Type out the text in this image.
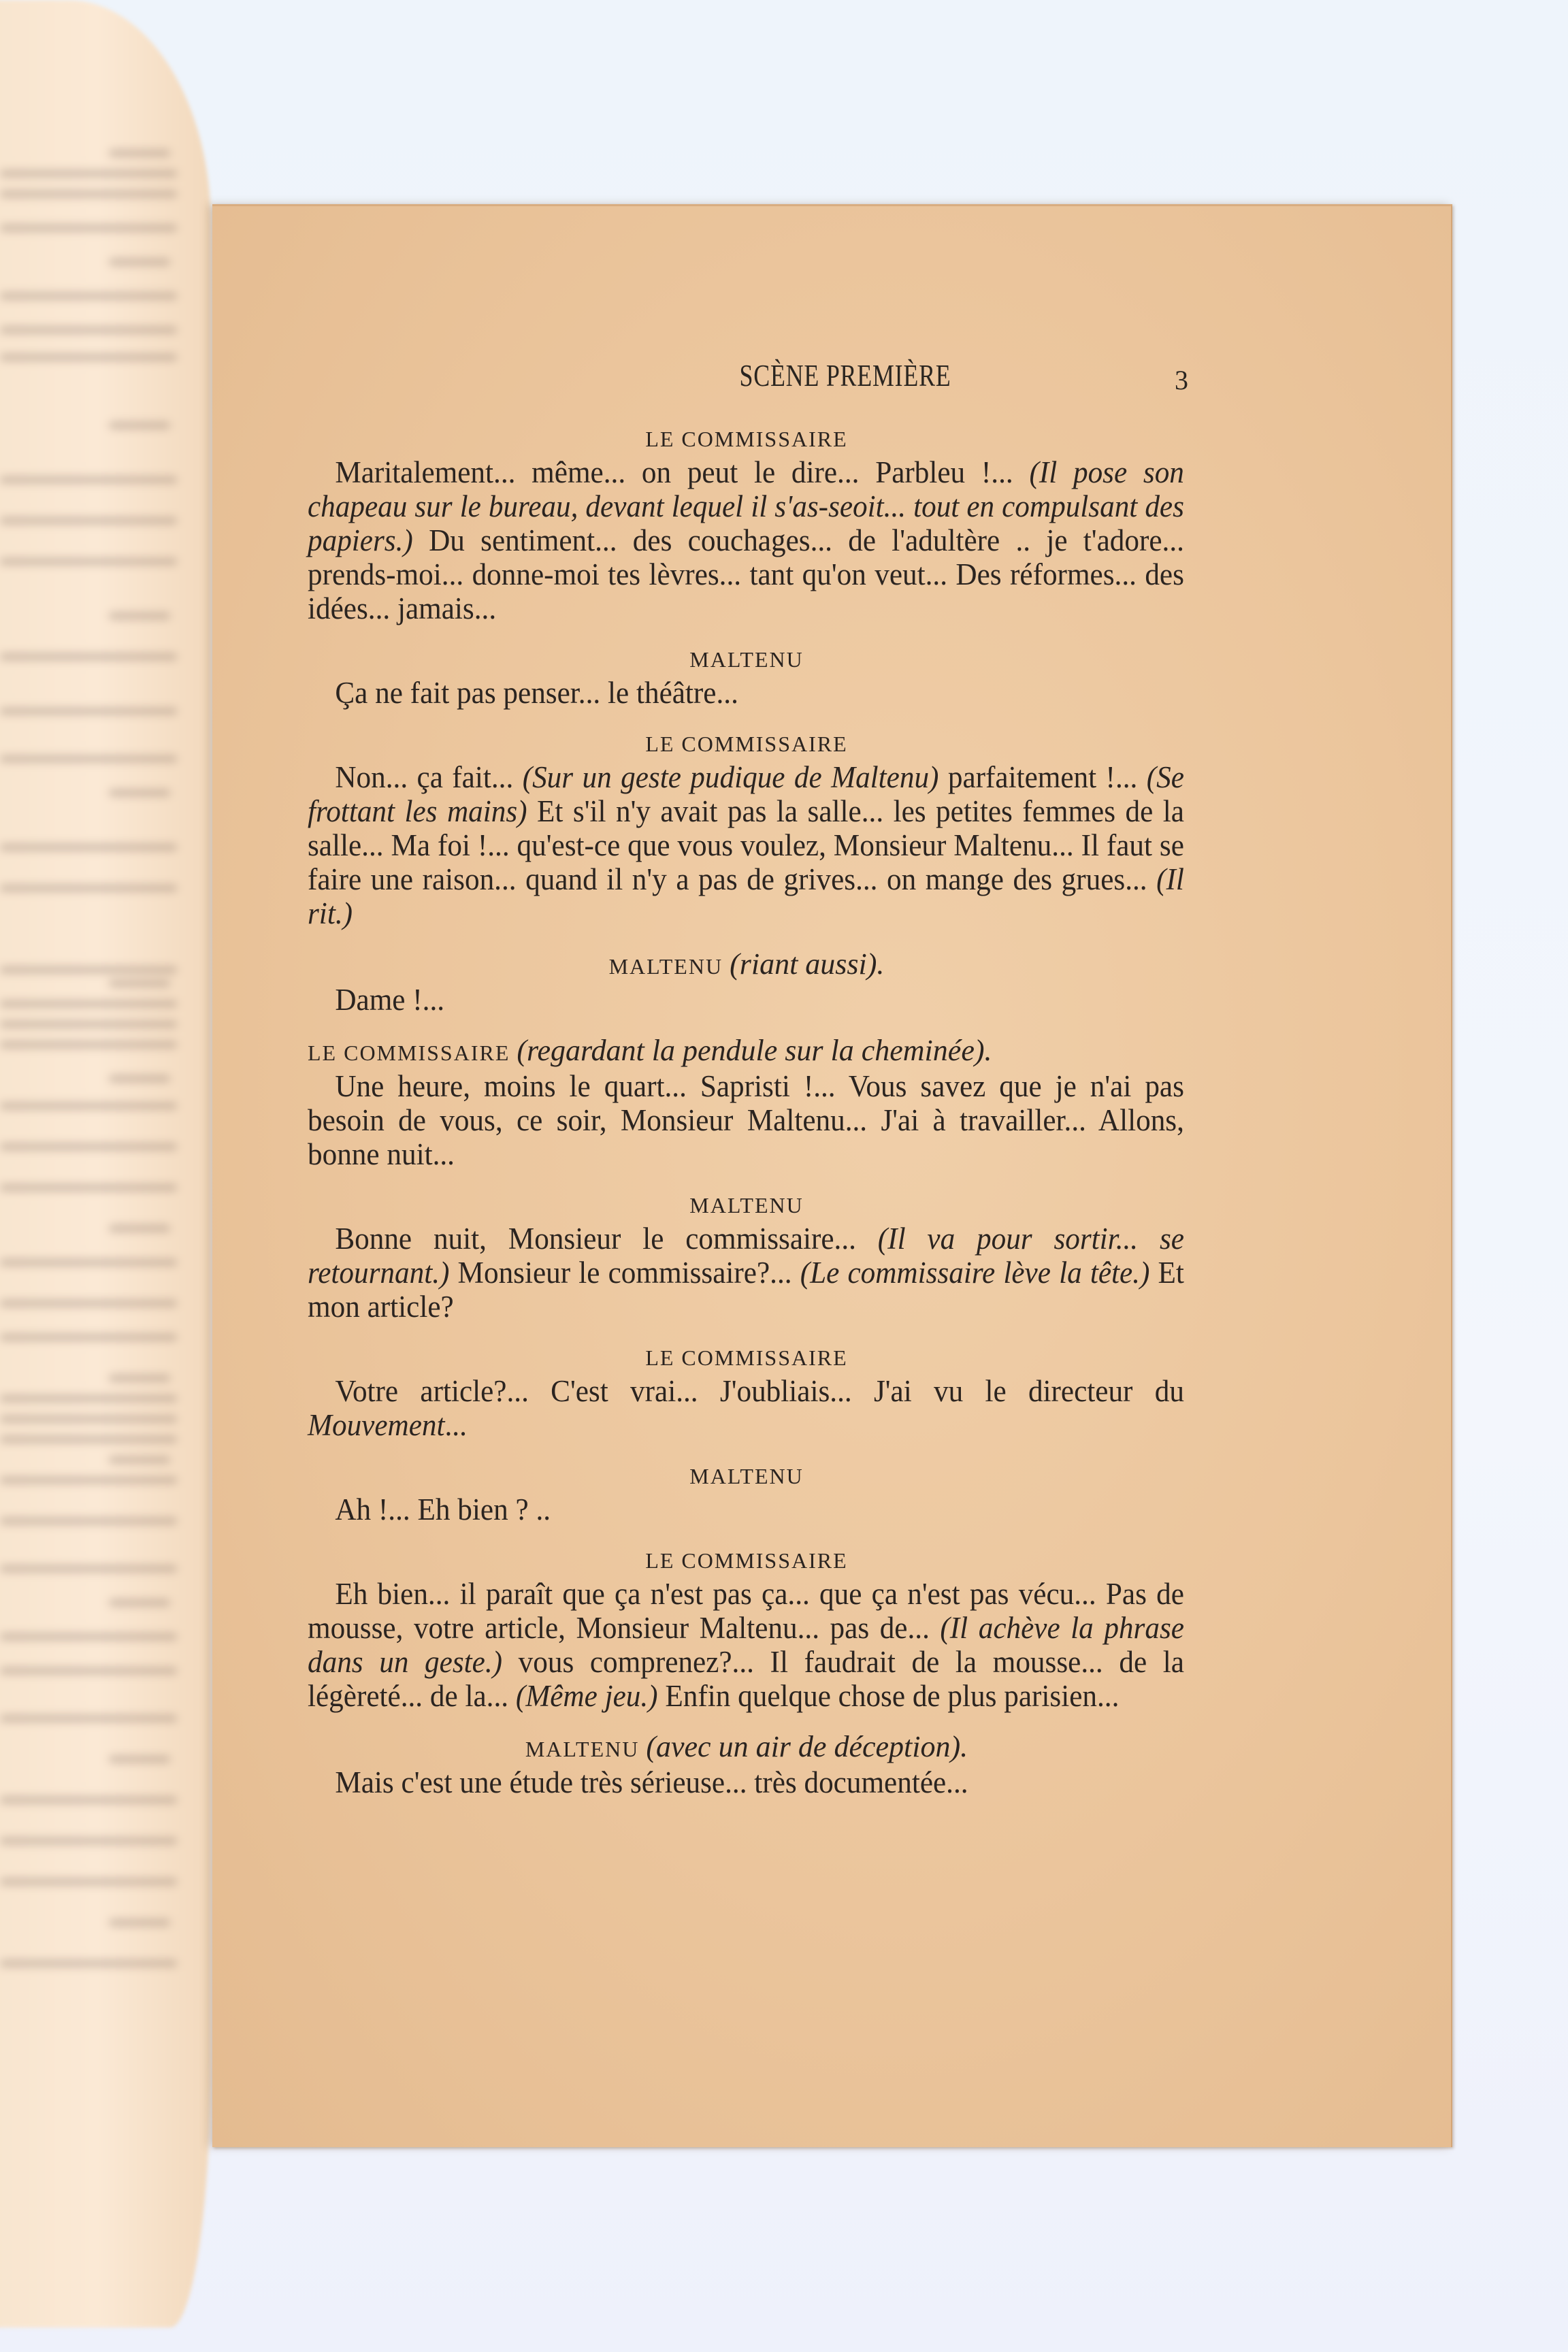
SCÈNE PREMIÈRE	3
LE COMMISSAIRE
Maritalement... même... on peut le dire... Parbleu !... (Il pose son chapeau sur le bureau, devant lequel il s'as-seoit... tout en compulsant des papiers.) Du sentiment... des couchages... de l'adultère .. je t'adore... prends-moi... donne-moi tes lèvres... tant qu'on veut... Des réformes... des idées... jamais...
MALTENU
Ça ne fait pas penser... le théâtre...
LE COMMISSAIRE
Non... ça fait... (Sur un geste pudique de Maltenu) parfaitement !... (Se frottant les mains) Et s'il n'y avait pas la salle... les petites femmes de la salle... Ma foi !... qu'est-ce que vous voulez, Monsieur Maltenu... Il faut se faire une raison... quand il n'y a pas de grives... on mange des grues... (Il rit.)
MALTENU (riant aussi).
Dame !...
LE COMMISSAIRE (regardant la pendule sur la cheminée).
Une heure, moins le quart... Sapristi !... Vous savez que je n'ai pas besoin de vous, ce soir, Monsieur Maltenu... J'ai à travailler... Allons, bonne nuit...
MALTENU
Bonne nuit, Monsieur le commissaire... (Il va pour sortir... se retournant.) Monsieur le commissaire?... (Le commissaire lève la tête.) Et mon article?
LE COMMISSAIRE
Votre article?... C'est vrai... J'oubliais... J'ai vu le directeur du Mouvement...
MALTENU
Ah !... Eh bien ? ..
LE COMMISSAIRE
Eh bien... il paraît que ça n'est pas ça... que ça n'est pas vécu... Pas de mousse, votre article, Monsieur Maltenu... pas de... (Il achève la phrase dans un geste.) vous comprenez?... Il faudrait de la mousse... de la légèreté... de la... (Même jeu.) Enfin quelque chose de plus parisien...
MALTENU (avec un air de déception).
Mais c'est une étude très sérieuse... très documentée...
